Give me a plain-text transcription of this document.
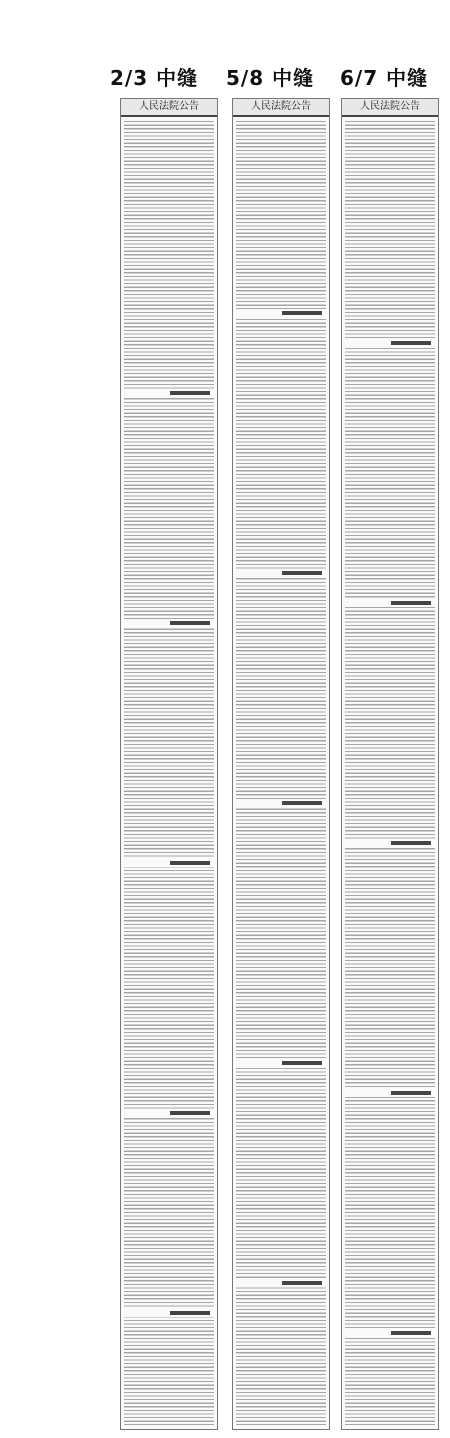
2/3 中缝 5/8 中缝 6/7 中缝
人民法院公告	人民法院公告	人民法院公告
